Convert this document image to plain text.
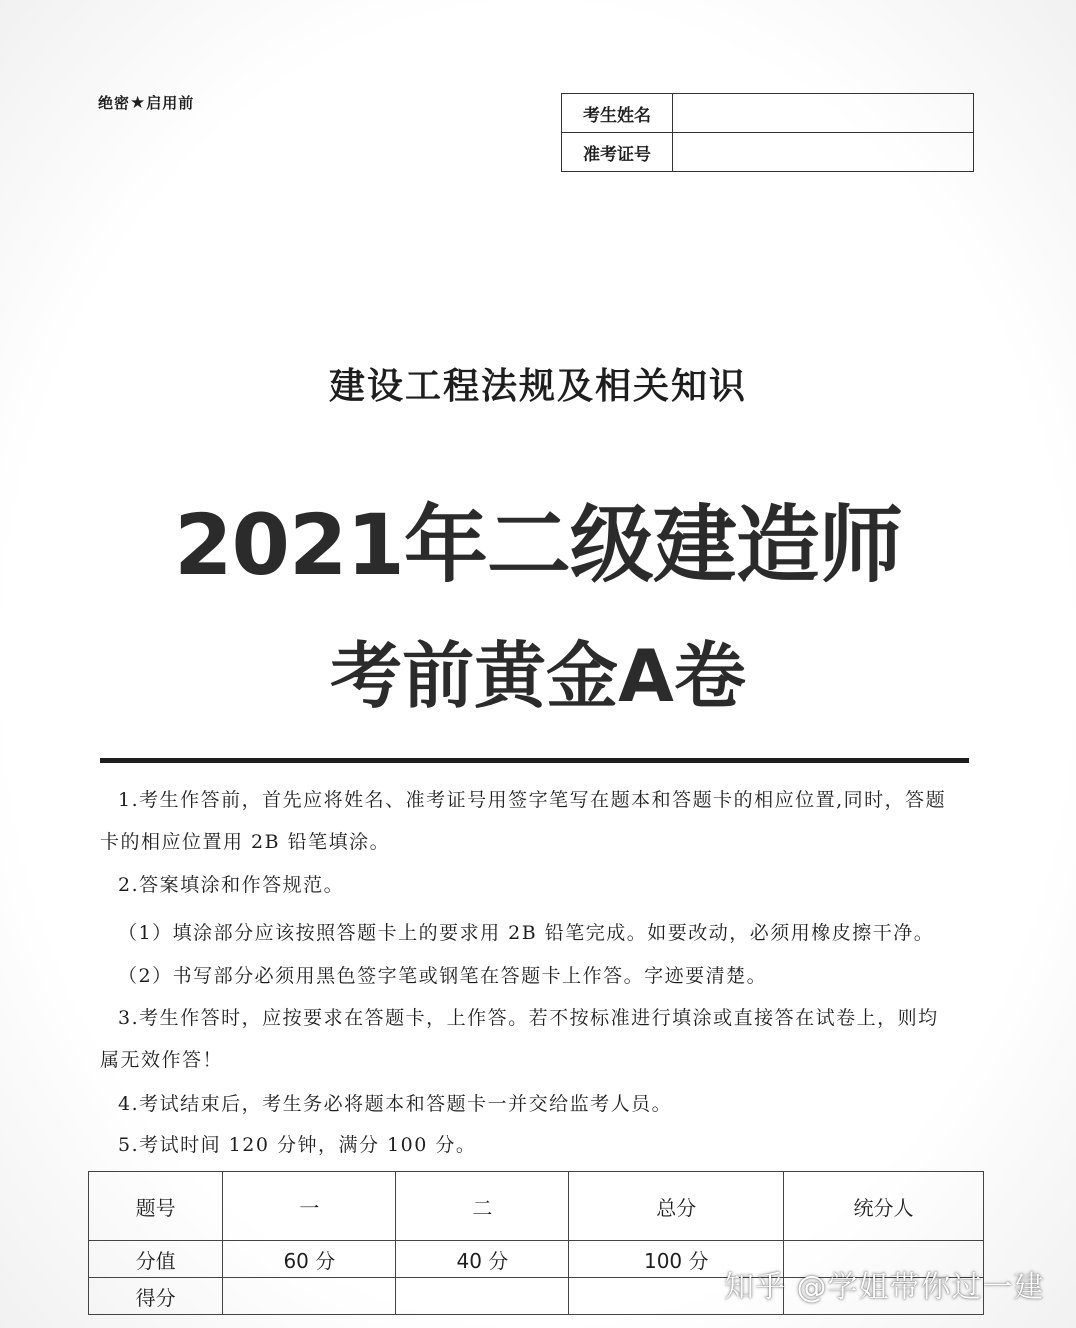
绝密★启用前
考生姓名	
准考证号	
建设工程法规及相关知识
2021年二级建造师
考前黄金A卷
1.考生作答前，首先应将姓名、准考证号用签字笔写在题本和答题卡的相应位置,同时，答题
卡的相应位置用 2B 铅笔填涂。
2.答案填涂和作答规范。
（1）填涂部分应该按照答题卡上的要求用 2B 铅笔完成。如要改动，必须用橡皮擦干净。
（2）书写部分必须用黑色签字笔或钢笔在答题卡上作答。字迹要清楚。
3.考生作答时，应按要求在答题卡，上作答。若不按标准进行填涂或直接答在试卷上，则均
属无效作答！
4.考试结束后，考生务必将题本和答题卡一并交给监考人员。
5.考试时间 120 分钟，满分 100 分。
题号	一	二	总分	统分人
分值	60 分	40 分	100 分	
得分					知乎 @学姐带你过一建
